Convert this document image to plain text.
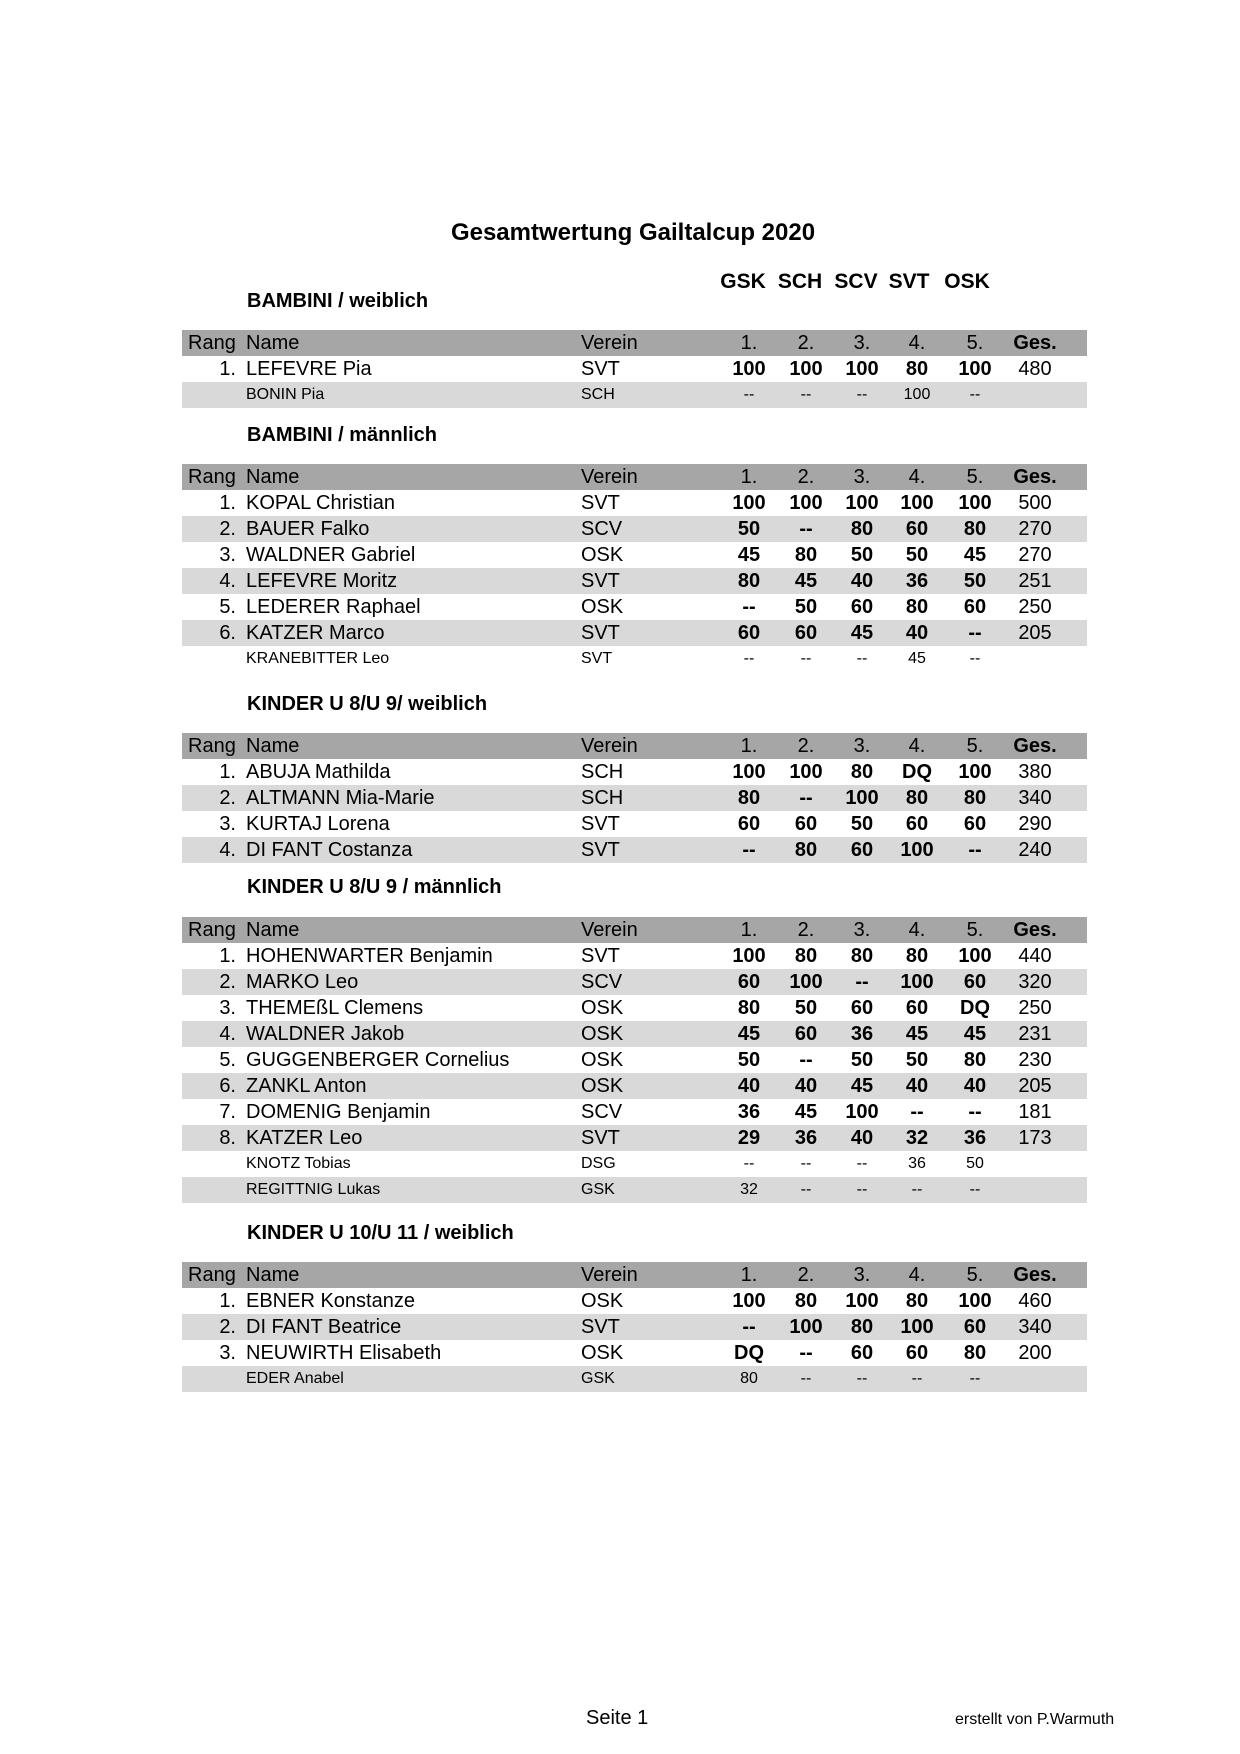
Gesamtwertung Gailtalcup 2020
GSK SCH SCV SVT OSK
BAMBINI / weiblich
Rang Name	Verein	1.	2.	3.	4.	5.	Ges.
1. LEFEVRE Pia	SVT	100	100	100	80	100	480
BONIN Pia	SCH	--	--	--	100	--
BAMBINI / männlich
Rang Name	Verein	1.	2.	3.	4.	5.	Ges.
1. KOPAL Christian	SVT	100	100	100	100	100	500
2. BAUER Falko	SCV	50	--	80	60	80	270
3. WALDNER Gabriel	OSK	45	80	50	50	45	270
4. LEFEVRE Moritz	SVT	80	45	40	36	50	251
5. LEDERER Raphael	OSK	--	50	60	80	60	250
6. KATZER Marco	SVT	60	60	45	40	--	205
KRANEBITTER Leo	SVT	--	--	--	45	--
KINDER U 8/U 9/ weiblich
Rang Name	Verein	1.	2.	3.	4.	5.	Ges.
1. ABUJA Mathilda	SCH	100	100	80	DQ	100	380
2. ALTMANN Mia-Marie	SCH	80	--	100	80	80	340
3. KURTAJ Lorena	SVT	60	60	50	60	60	290
4. DI FANT Costanza	SVT	--	80	60	100	--	240
KINDER U 8/U 9 / männlich
Rang Name	Verein	1.	2.	3.	4.	5.	Ges.
1. HOHENWARTER Benjamin	SVT	100	80	80	80	100	440
2. MARKO Leo	SCV	60	100	--	100	60	320
3. THEMEßL Clemens	OSK	80	50	60	60	DQ	250
4. WALDNER Jakob	OSK	45	60	36	45	45	231
5. GUGGENBERGER Cornelius	OSK	50	--	50	50	80	230
6. ZANKL Anton	OSK	40	40	45	40	40	205
7. DOMENIG Benjamin	SCV	36	45	100	--	--	181
8. KATZER Leo	SVT	29	36	40	32	36	173
KNOTZ Tobias	DSG	--	--	--	36	50
REGITTNIG Lukas	GSK	32	--	--	--	--
KINDER U 10/U 11 / weiblich
Rang Name	Verein	1.	2.	3.	4.	5.	Ges.
1. EBNER Konstanze	OSK	100	80	100	80	100	460
2. DI FANT Beatrice	SVT	--	100	80	100	60	340
3. NEUWIRTH Elisabeth	OSK	DQ	--	60	60	80	200
EDER Anabel	GSK	80	--	--	--	--
Seite 1	erstellt von P.Warmuth
